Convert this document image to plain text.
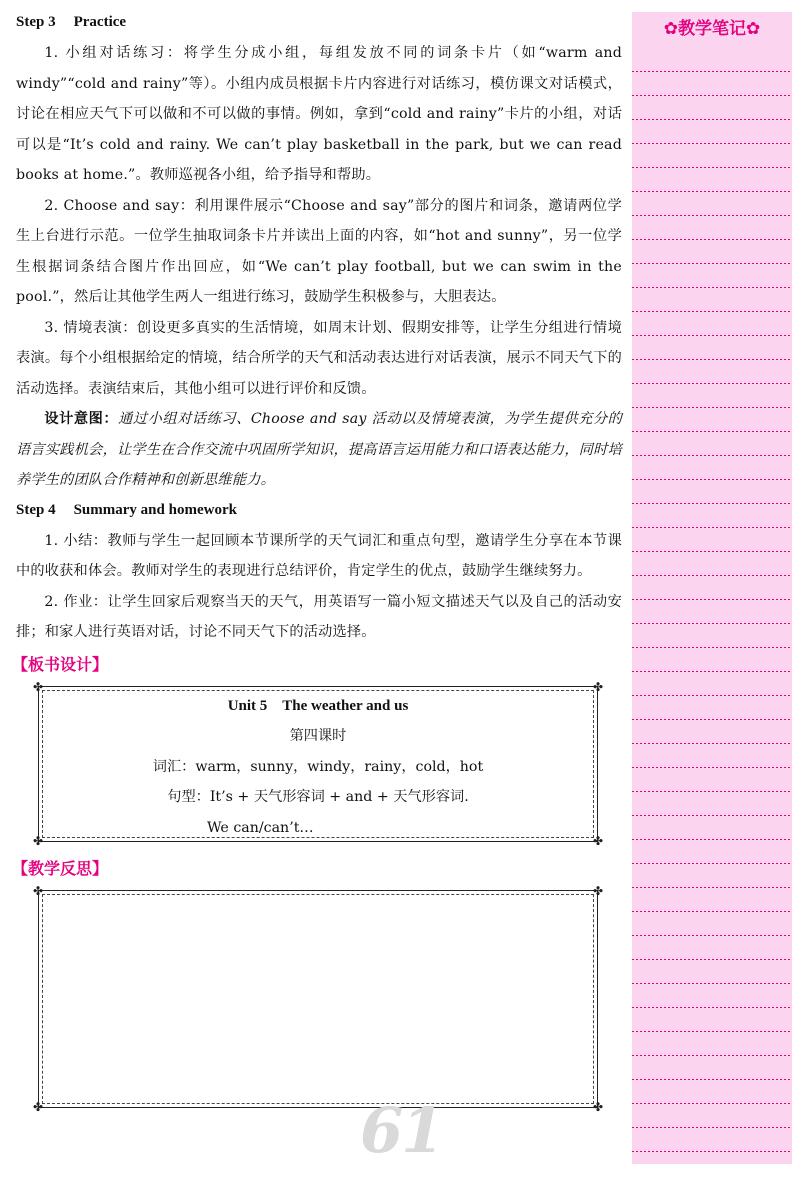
Step 3 Practice

1. 小组对话练习：将学生分成小组，每组发放不同的词条卡片（如“warm and windy”“cold and rainy”等）。小组内成员根据卡片内容进行对话练习，模仿课文对话模式，讨论在相应天气下可以做和不可以做的事情。例如，拿到“cold and rainy”卡片的小组，对话可以是“It’s cold and rainy. We can’t play basketball in the park, but we can read books at home.”。教师巡视各小组，给予指导和帮助。

2. Choose and say：利用课件展示“Choose and say”部分的图片和词条，邀请两位学生上台进行示范。一位学生抽取词条卡片并读出上面的内容，如“hot and sunny”，另一位学生根据词条结合图片作出回应，如“We can’t play football, but we can swim in the pool.”，然后让其他学生两人一组进行练习，鼓励学生积极参与，大胆表达。

3. 情境表演：创设更多真实的生活情境，如周末计划、假期安排等，让学生分组进行情境表演。每个小组根据给定的情境，结合所学的天气和活动表达进行对话表演，展示不同天气下的活动选择。表演结束后，其他小组可以进行评价和反馈。

设计意图：通过小组对话练习、Choose and say 活动以及情境表演，为学生提供充分的语言实践机会，让学生在合作交流中巩固所学知识，提高语言运用能力和口语表达能力，同时培养学生的团队合作精神和创新思维能力。

Step 4 Summary and homework

1. 小结：教师与学生一起回顾本节课所学的天气词汇和重点句型，邀请学生分享在本节课中的收获和体会。教师对学生的表现进行总结评价，肯定学生的优点，鼓励学生继续努力。

2. 作业：让学生回家后观察当天的天气，用英语写一篇小短文描述天气以及自己的活动安排；和家人进行英语对话，讨论不同天气下的活动选择。

【板书设计】
✤	✤
✤	✤
Unit 5　The weather and us
第四课时
词汇：warm，sunny，windy，rainy，cold，hot
句型：It’s + 天气形容词 + and + 天气形容词.
We can/can’t…
【教学反思】
✤	✤
✤	✤
61
✿教学笔记✿
